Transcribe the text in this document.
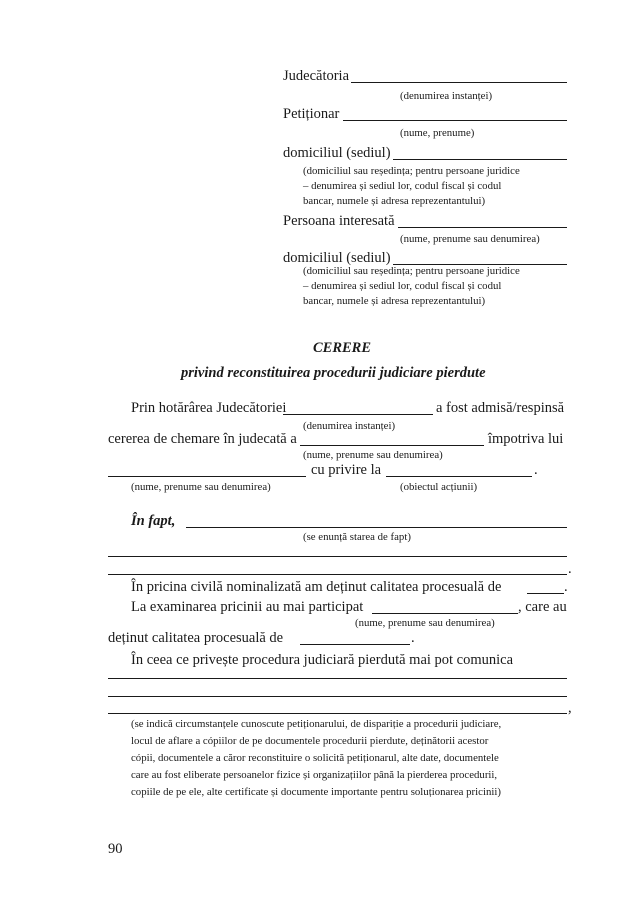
Judecătoria
(denumirea instanței)
Petiționar
(nume, prenume)
domiciliul (sediul)
(domiciliul sau reședința; pentru persoane juridice
– denumirea și sediul lor, codul fiscal și codul
bancar, numele și adresa reprezentantului)
Persoana interesată
(nume, prenume sau denumirea)
domiciliul (sediul)
(domiciliul sau reședința; pentru persoane juridice
– denumirea și sediul lor, codul fiscal și codul
bancar, numele și adresa reprezentantului)
CERERE
privind reconstituirea procedurii judiciare pierdute
Prin hotărârea Judecătoriei	a fost admisă/respinsă
(denumirea instanței)
cererea de chemare în judecată a	împotriva lui
(nume, prenume sau denumirea)
cu privire la	.
(nume, prenume sau denumirea)	(obiectul acțiunii)
În fapt,
(se enunță starea de fapt)
.
În pricina civilă nominalizată am deținut calitatea procesuală de	.
La examinarea pricinii au mai participat	, care au
(nume, prenume sau denumirea)
deținut calitatea procesuală de	.
În ceea ce privește procedura judiciară pierdută mai pot comunica
,
(se indică circumstanțele cunoscute petiționarului, de dispariție a procedurii judiciare,
locul de aflare a cópiilor de pe documentele procedurii pierdute, deținătorii acestor
cópii, documentele a căror reconstituire o solicită petiționarul, alte date, documentele
care au fost eliberate persoanelor fizice și organizațiilor până la pierderea procedurii,
copiile de pe ele, alte certificate și documente importante pentru soluționarea pricinii)
90
